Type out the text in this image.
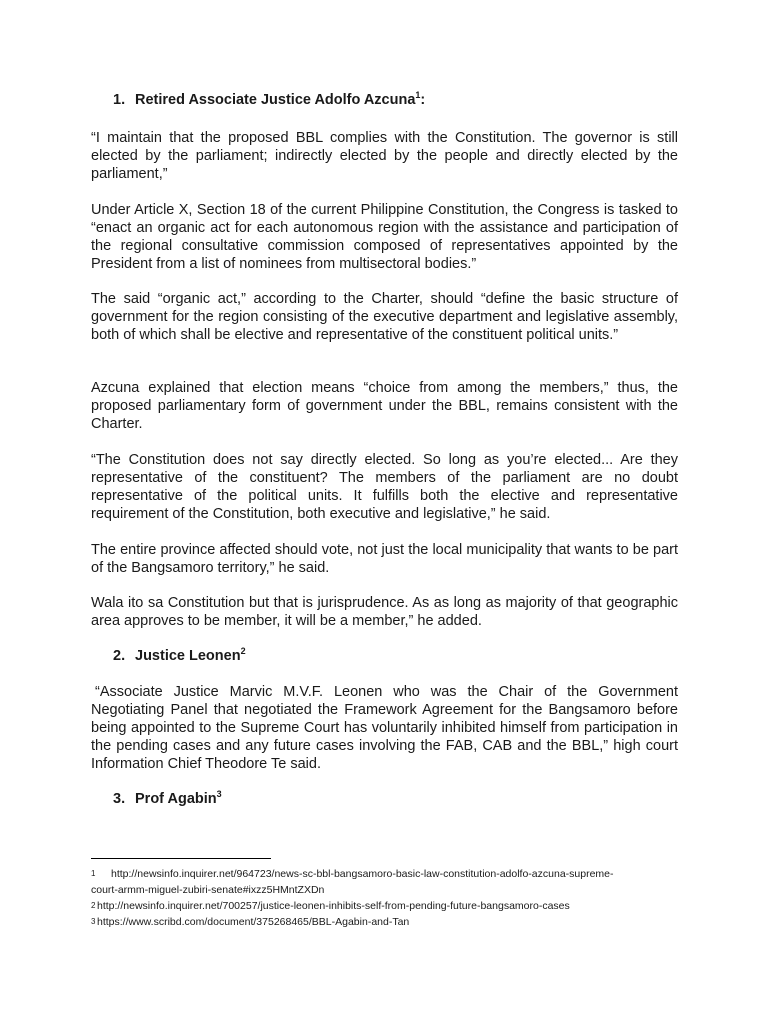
1. Retired Associate Justice Adolfo Azcuna$^1$:

“I maintain that the proposed BBL complies with the Constitution. The governor is still elected by the parliament; indirectly elected by the people and directly elected by the parliament,”

Under Article X, Section 18 of the current Philippine Constitution, the Congress is tasked to “enact an organic act for each autonomous region with the assistance and participation of the regional consultative commission composed of representatives appointed by the President from a list of nominees from multisectoral bodies.”

The said “organic act,” according to the Charter, should “define the basic structure of government for the region consisting of the executive department and legislative assembly, both of which shall be elective and representative of the constituent political units.”

Azcuna explained that election means “choice from among the members,” thus, the proposed parliamentary form of government under the BBL, remains consistent with the Charter.

“The Constitution does not say directly elected. So long as you’re elected... Are they representative of the constituent? The members of the parliament are no doubt representative of the political units. It fulfills both the elective and representative requirement of the Constitution, both executive and legislative,” he said.

The entire province affected should vote, not just the local municipality that wants to be part of the Bangsamoro territory,” he said.

Wala ito sa Constitution but that is jurisprudence. As as long as majority of that geographic area approves to be member, it will be a member,” he added.

2. Justice Leonen$^2$

“Associate Justice Marvic M.V.F. Leonen who was the Chair of the Government Negotiating Panel that negotiated the Framework Agreement for the Bangsamoro before being appointed to the Supreme Court has voluntarily inhibited himself from participation in the pending cases and any future cases involving the FAB, CAB and the BBL,” high court Information Chief Theodore Te said.

3. Prof Agabin$^3$
1 http://newsinfo.inquirer.net/964723/news-sc-bbl-bangsamoro-basic-law-constitution-adolfo-azcuna-supreme-
court-armm-miguel-zubiri-senate#ixzz5HMntZXDn
2 http://newsinfo.inquirer.net/700257/justice-leonen-inhibits-self-from-pending-future-bangsamoro-cases
3 https://www.scribd.com/document/375268465/BBL-Agabin-and-Tan
